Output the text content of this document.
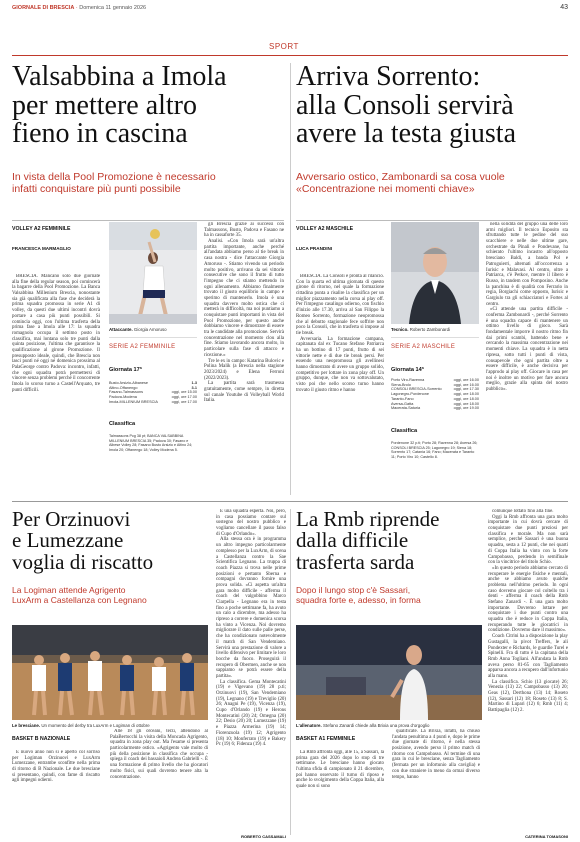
GIORNALE DI BRESCIA · Domenica 11 gennaio 2026	43
SPORT
Valsabbina a Imola
per mettere altro
fieno in cascina
In vista della Pool Promozione è necessario
infatti conquistare più punti possibile
VOLLEY A2 FEMMINILE
FRANCESCA MARMAGLIO

BRESCIA. Mancano solo due giornate alla fine della regular season, poi comincerà la bagarre della Pool Promozione. La Banca Valsabbina Millenium Brescia, nonostante sia già qualificata alla fase che deciderà la prima squadra promossa in serie A1 di volley, da questi due ultimi incontri dovrà portare a casa più punti possibili. Si comincia oggi, con l'ultima trasferta della prima fase a Imola alle 17: la squadra romagnola occupa il settimo posto in classifica, mai lontana solo tre punti dalla quinta posizione, l'ultima che garantisce la qualificazione al girone Promozione. Il presupposto ideale, quindi, che Brescia non lasci punti né oggi né domenica prossima al PalaGeorge contro Padova: incontro, infatti, che ogni squadra potrà permettersi di vincere senza problemi perché il concorrente Imola lo scorso turno a Castell'Arquato, tre punti difficili.

Attaccante. Giorgia Amoruso
SERIE A2 FEMMINILE
Giornata 17ª
Busto Arsizio-Albanese	1-3
Altino-Offanengo	3-1
Fasano-Talmassons	oggi, ore 15.00
Padova-Modena	oggi, ore 17.00
Imola-MILLENIUM BRESCIA	oggi, ore 17.00
Classifica
Talmassons Pcg 38 pt; BANCA VALSABBINA MILLENIUM BRESCIA 35; Padova 30; Fasano e Albese Volley 28; Fasano Busto Arsizio e Altino 24; Imola 20; Offanengo 18; Volley Modena 5.

gli Brescia grazie ai successi con Talmassons, Busto, Padova e Fasano ne ha in cassaforte 35.

Analisi. «Con Imola sarà un'altra partita importante, anche perché all'andata abbiamo perso al tie break in casa nostra - dice l'attaccante Giorgia Amoruso -. Stiamo vivendo un periodo molto positivo, arrivano da sei vittorie consecutive che sono il frutto di tutto l'impegno che ci stiamo mettendo in ogni allenamento. Abbiamo finalmente trovato il giusto equilibrio in campo e sperimo di mantenerlo. Imola è una squadra davvero molto ostica che ci metterà in difficoltà, ma noi puntiamo a conquistare punti importanti in vista del Pool Promozione, per questo anche dobbiamo vincere e dimostrare di essere tra le candidate alla promozione. Servirà concentrazione nel momento clou alla fine. Stiamo lavorando ancora molto, in particolare sulla fase di attacco e ricezione.»

Tre le ex in campo: Katarina Bulovic e Polina Malik (a Brescia nella stagione 2023/2024) e Elena Ferroni (2022/2023).

La partita sarà trasmessa gratuitamente, come sempre, in diretta sul canale Youtube di Volleyball World Italia.

Arriva Sorrento:
alla Consoli servirà
avere la testa giusta
Avversario ostico, Zambonardi sa cosa vuole
«Concentrazione nei momenti chiave»
VOLLEY A2 MASCHILE
LUCA PRANDINI

BRESCIA. La Consoli è pronta al rilancio. Con la quarta ed ultima giornata di questo girone di ritorno, nel quale la formazione cittadina punta a risalire la classifica per un miglior piazzamento nella corsa ai play off. Per l'impegno casalingo odierno, con fischio d'inizio alle 17.30, arriva al San Filippo la Romeo Sorrento, formazione neopromossa che al debutto stagionale fece soffrire non poco la Consoli, che in trasferta si impose al tie break.

Avversaria. La formazione campana, capitanata dal ex Tucano Stefano Patriarca ha un bottino di 17 punti, frutto di sei vittorie nette e di due tie break persi. Per essendo una neopromossa gli avellinesi hanno dimostrato di avere un gruppo solido, competitivo per lottare in zona play off. Un gruppo, dunque, che non va sottovalutato, visto poi che nello scorso turno hanno trovato il giusto ritmo e hanno

Tecnico. Roberto Zambonardi
SERIE A2 MASCHILE
Giornata 14ª
Porto Viro-Ravenna	oggi, ore 16.00
Siena-Brolo	oggi, ore 16.00
CONSOLI BRESCIA-Sorrento	oggi, ore 17.30
Lagonegro-Pordenone	oggi, ore 18.00
Taranto-Fano	oggi, ore 18.00
Aversa-Gatta	oggi, ore 18.00
Macerata-Saturia	oggi, ore 19.00
Classifica
Pordenone 32 p.ti; Porto 28; Ravenna 28; Aversa 26; CONSOLI BRESCIA 25; Lagonegro 19; Siena 18; Sorrento 17; Catania 16; Fano; Macerata e Taranto 11; Porto Viro 10; Castello 8.

nella solidità del gruppo una delle loro armi migliori. Il tecnico Esposito sta sfruttando tutte le pedine del suo scacchiere e nelle due ultime gare, orchestrate da Pinali e Pondevane, ha schierato l'ultimo incastro all'opposto bresciano Baldi, a banda Pol e Patroguierri, alternati all'occorrenza a Iurisic e Malavasi. Al centro, oltre a Patriarca, c'è Petkov, mentre il libero è Russo, in tandem con Pomposino. Anche la panchina è di qualità con Ferrario in regia, Borgiachi come opposto, Iurisic e Gargiulo tra gli schiacciatori e Fortes al centro.

«Ci attende una partita difficile - conferma Zambonardi -, perché Sorrento è una squadra capace di mantenere un ottimo livello di gioco. Sarà fondamentale imporre il nostro ritmo fin dai primi scambi, battendo bene e cercando la massima concentrazione nei momenti chiave. La squadra è in netta ripresa, sotto tutti i punti di vista, consapevole che ogni partita oltre a essere difficile, è anche decisiva per l'approdo ai play off. Giocare in casa per noi è inoltre un motivo per fare ancora meglio, grazie alla spinta del nostro pubblico».

Per Orzinuovi
e Lumezzane
voglia di riscatto
La Logiman attende Agrigento
LuxArm a Castellanza con Legnano
Le bresciane. Un momento del derby tra LuxArm e Logiman di ottobre
BASKET B NAZIONALE

È nuovo anno non si è aperto col sorriso per Logiman Orzinuovi e LuxArm Lumezzane, entrambe sconfitte nella prima di ritorno di B Nazionale. Le due bresciane si presentano, quindi, con fame di riscatto agli impegni odierni.

Alle 18 gli orceani, terzi, attendono al PalaBertocchi la visita della Moncada Agrigento, squadra in zona play out. Ma l'esame si presenta particolarmente ostico. «Agrigento vale molto di più della posizione in classifica che occupa - spiega il coach dei bassaioli Andrea Gabrielli -. È una formazione di primo livello che ha giocatori molto fisici, sui quali dovremo tenere alta la concentrazione.

È una squadra esperta. Noi, però, in casa possiamo contare sul sostegno del nostro pubblico e vogliamo cancellare il passo falso di Cupo d'Orlando».

Alla stessa ora è in programma un altro impegno particolarmente complesso per la LuxArm, di scena a Castellanza contro la Sae Scientifica Legnano. La truppa di coach Piazza si trova nelle prime posizioni e pertanto Sberna e compagni dovranno fornire una prova solida. «Ci aspetta un'altra gara molto difficile - afferma il coach del valgobbino Marco Ciarpella - Legnano era in testa fino a poche settimane fa, ha avuto un calo a dicembre, ma adesso ha ripreso a correre e domenica scorsa ha vinto a Vicenza. Noi dovremo migliorare il dato sulle palle perse, che ha condizionato notevolmente il match di San Vendemiano. Servirà una prestazione di valore a livello difensivo per limitare le loro bocche da fuoco. Proseguirà il recupero di Obermen, anche se non sappiamo se potrà essere della partita».

La classifica. Gema Montecatini (19) e Vigevano (19) 28 p.ti; Orzinuovi (19), San Vendemiano (19), Legnano (19) e Treviglio (20) 26; Anagni Pe (19), Vicenza (19), Cupo d'Orlando (19) e Herons Montecatini (20) 24; Omegna (20) 22; Desio (20) 20; Lumezzane (19) e Piazza Armerina (19) 14; Fiorenzuola (19) 12; Agrigento (18) 10; Monferrato (19) e Bakery Pc (19) 6; Fidenza (19) 4.

ROBERTO CASSAMALI
La Rmb riprende
dalla difficile
trasferta sarda
Dopo il lungo stop c'è Sassari,
squadra forte e, adesso, in forma
L'allenatore. Stefano Zanardi chiede alla Brixia una prova d'orgoglio
BASKET A1 FEMMINILE

La Rmb affronta oggi, alle 15, a Sassari, la prima gara del 2026 dopo lo stop di tre settimane. Le bresciane hanno giocato l'ultima sfida di campionato il 21 dicembre, poi hanno osservato il turno di riposo e anche lo svolgimento della Coppa Italia, alla quale non si sono

qualificate. La Brixia, infatti, ha chiuso l'andata penultima a 4 punti e, dopo le prime due giornate di ritorno, è nella stessa posizione, avendo perso il primo match di ritorno con Campobasso. Al termine di una gara in cui le bresciane, senza Tagliamento (fermata per un infortunio alla caviglia) e con due straniere in meno da ormai diverso tempo, hanno

comunque lottato fino alla fine.

Oggi la Rmb affronta una gara molto importante in cui dovrà cercare di conquistare due punti preziosi per classifica e morale. Ma non sarà semplice, perché Sassari è una buona squadra, sesta a 12 punti, che nei quarti di Coppa Italia ha vinto con la forte Campobasso, perdendo in semifinale con la vincitrice del titolo Schio.

«In questo periodo abbiamo cercato di recuperare le energie fisiche e mentali, anche se abbiamo avuto qualche problema nell'ultimo periodo. In ogni caso dovremo giocare col coltello tra i denti - afferma il coach della Rmb Stefano Zanardi -. È una gara molto importante. Dovremo lottare per conquistare i due punti contro una squadra che è reduce in Coppa Italia, recuperando tutte le giocatrici in condizione. Dovremo dare il massimo».

Coach Citrini ha a disposizione la play Gustagalli, la pivot Treffers, le ali Pondexter e Richards, le guardie Turel e Spinelli. Fra di tutto è la capitana della Rmb Anna Togliani. All'andata la Rmb aveva perso 81-65 con Tagliamento apparsa ancora a recupero dall'infortunio alla mano.

La classifica. Schio (13 giocate) 26; Venezia (13) 22; Campobasso (13) 20; Geas (12), Derthona (13) 14; Roseto (12), Sassari (12) 18; Roseto (13) 8; S. Martino di Lupari (12) 6; Rmb (11) 4; Battipaglia (12) 2.

CATERINA TOMASONI
